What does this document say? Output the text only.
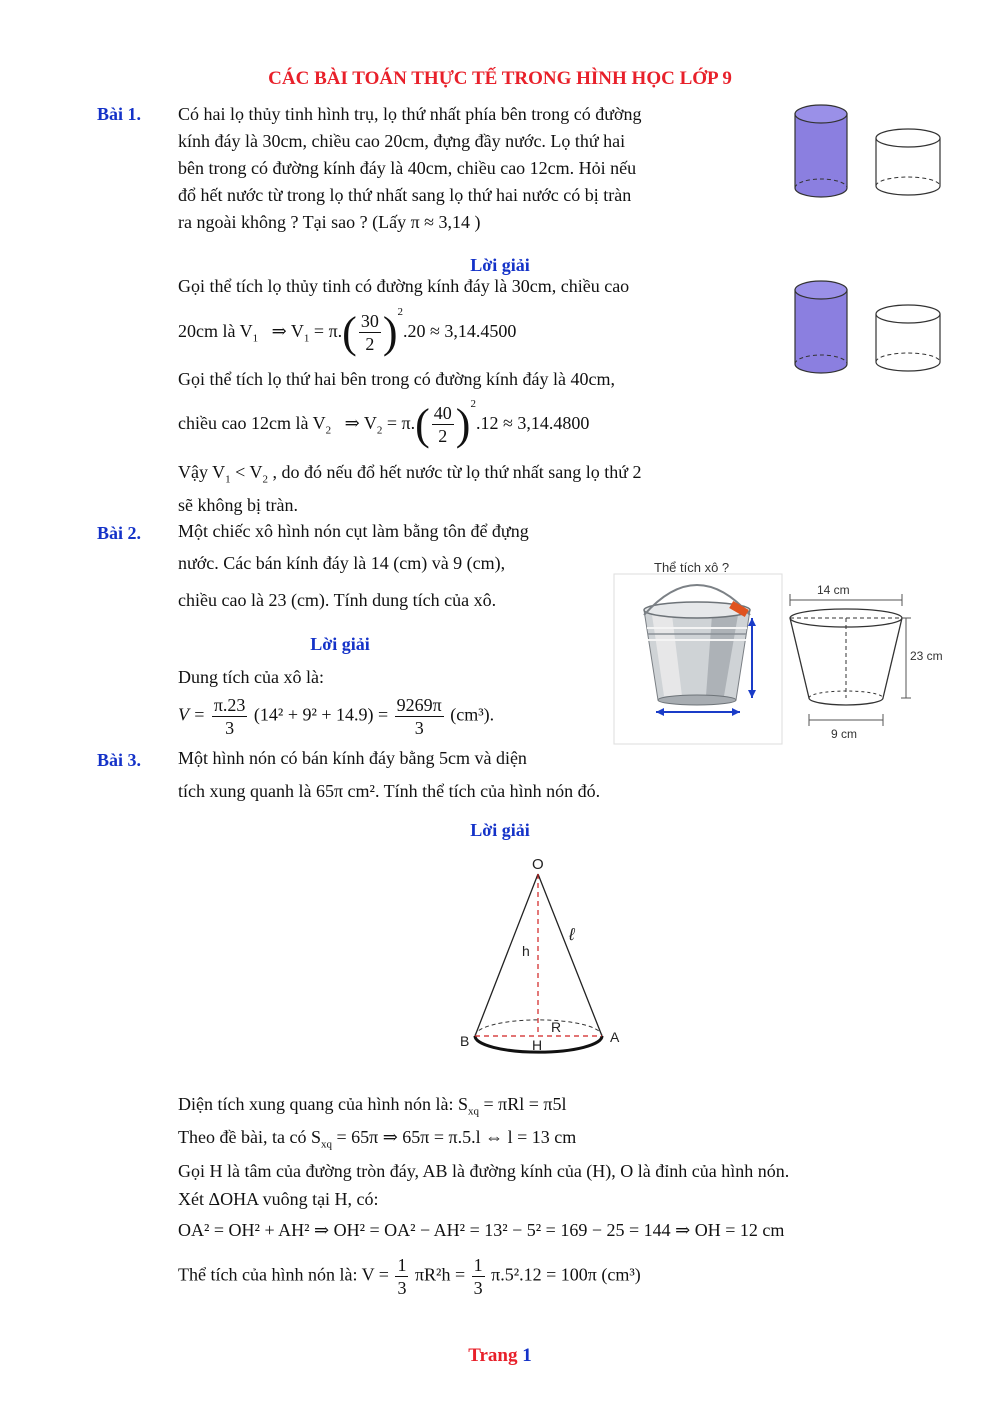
CÁC BÀI TOÁN THỰC TẾ TRONG HÌNH HỌC LỚP 9
Bài 1. Có hai lọ thủy tinh hình trụ, lọ thứ nhất phía bên trong có đường
kính đáy là 30cm, chiều cao 20cm, đựng đầy nước. Lọ thứ hai
bên trong có đường kính đáy là 40cm, chiều cao 12cm. Hỏi nếu
đổ hết nước từ trong lọ thứ nhất sang lọ thứ hai nước có bị tràn
ra ngoài không ? Tại sao ? (Lấy π ≈ 3,14 )
Lời giải
Gọi thể tích lọ thủy tinh có đường kính đáy là 30cm, chiều cao
20cm là $V_1$ ⇒ $V_1 = \pi.( \frac{30}{2} )^2.20 \approx 3,14.4500$
Gọi thể tích lọ thứ hai bên trong có đường kính đáy là 40cm,
chiều cao 12cm là $V_2$ ⇒ $V_2 = \pi.( \frac{40}{2} )^2.12 \approx 3,14.4800$
Vậy $V_1 < V_2$ , do đó nếu đổ hết nước từ lọ thứ nhất sang lọ thứ 2
sẽ không bị tràn.
Bài 2. Một chiếc xô hình nón cụt làm bằng tôn để đựng
nước. Các bán kính đáy là 14 (cm) và 9 (cm),
chiều cao là 23 (cm). Tính dung tích của xô.
Lời giải
Dung tích của xô là:
$V = \frac{\pi.23}{3} (14^2 + 9^2 + 14.9) = \frac{9269\pi}{3} (cm^3)$.
Thể tích xô ?
14 cm
23 cm
9 cm
Bài 3. Một hình nón có bán kính đáy bằng 5cm và diện
tích xung quanh là 65π cm². Tính thể tích của hình nón đó.
Lời giải
O
ℓ
h
R
B	H	A
Diện tích xung quang của hình nón là: $S_{xq} = \pi Rl = \pi 5l$
Theo đề bài, ta có $S_{xq} = 65\pi$ ⇒ 65π = π.5.l ⇔ l = 13 cm
Gọi H là tâm của đường tròn đáy, AB là đường kính của (H), O là đỉnh của hình nón.
Xét ΔOHA vuông tại H, có:
OA² = OH² + AH² ⇒ OH² = OA² − AH² = 13² − 5² = 169 − 25 = 144 ⇒ OH = 12 cm
Thể tích của hình nón là: $V = \frac{1}{3} \pi R^2h = \frac{1}{3} \pi.5^2.12 = 100\pi$ (cm³)
Trang 1
